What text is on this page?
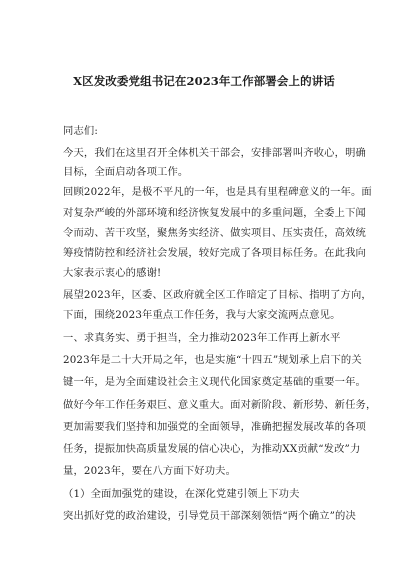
X区发改委党组书记在2023年工作部署会上的讲话
同志们:
今天，我们在这里召开全体机关干部会，安排部署叫齐收心，明确
目标，全面启动各项工作。
回顾2022年，是极不平凡的一年，也是具有里程碑意义的一年。面
对复杂严峻的外部环境和经济恢复发展中的多重问题，全委上下闻
令而动、苦干攻坚，聚焦务实经济、做实项目、压实责任，高效统
筹疫情防控和经济社会发展，较好完成了各项目标任务。在此我向
大家表示衷心的感谢!
展望2023年，区委、区政府就全区工作暗定了目标、指明了方向，
下面，围绕2023年重点工作任务，我与大家交流两点意见。
一、求真务实、勇于担当，全力推动2023年工作再上新水平
2023年是二十大开局之年，也是实施“十四五”规划承上启下的关
键一年，是为全面建设社会主义现代化国家奠定基础的重要一年。
做好今年工作任务艰巨、意义重大。面对新阶段、新形势、新任务，
更加需要我们坚持和加强党的全面领导，准确把握发展改革的各项
任务，提振加快高质量发展的信心决心，为推动XX贡献“发改”力
量，2023年，要在八方面下好功夫。
（1）全面加强党的建设，在深化党建引领上下功夫
突出抓好党的政治建设，引导党员干部深刻领悟“两个确立”的决
